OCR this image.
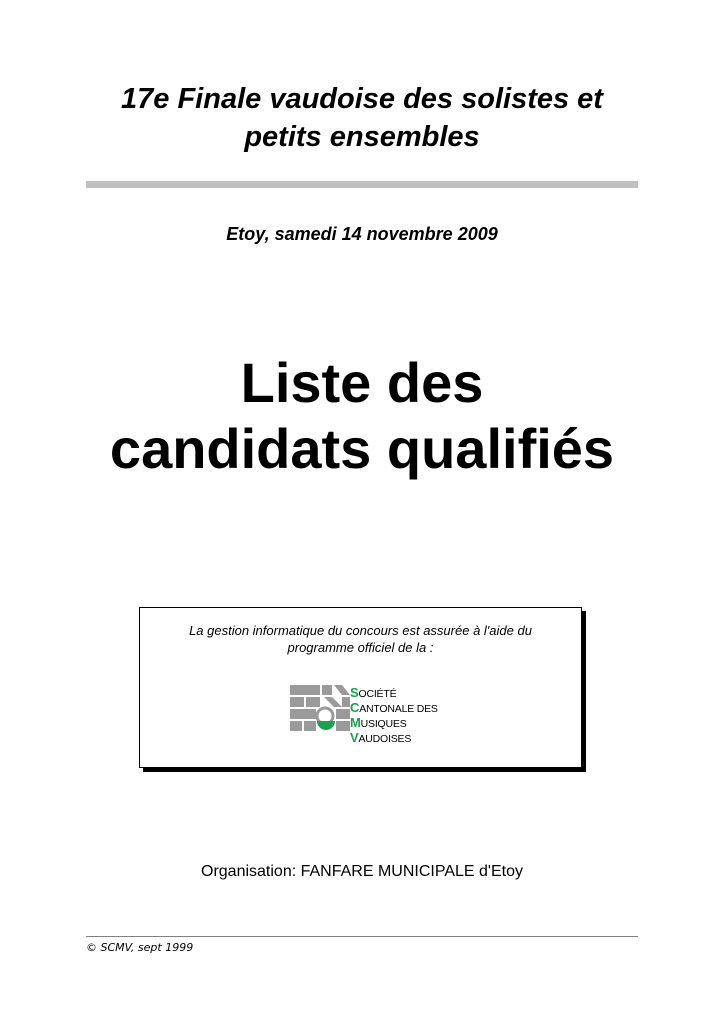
17e Finale vaudoise des solistes et
petits ensembles
Etoy, samedi 14 novembre 2009
Liste des
candidats qualifiés
La gestion informatique du concours est assurée à l'aide du
programme officiel de la :
SOCIÉTÉ
CANTONALE DES
MUSIQUES
VAUDOISES
Organisation: FANFARE MUNICIPALE d'Etoy
© SCMV, sept 1999
